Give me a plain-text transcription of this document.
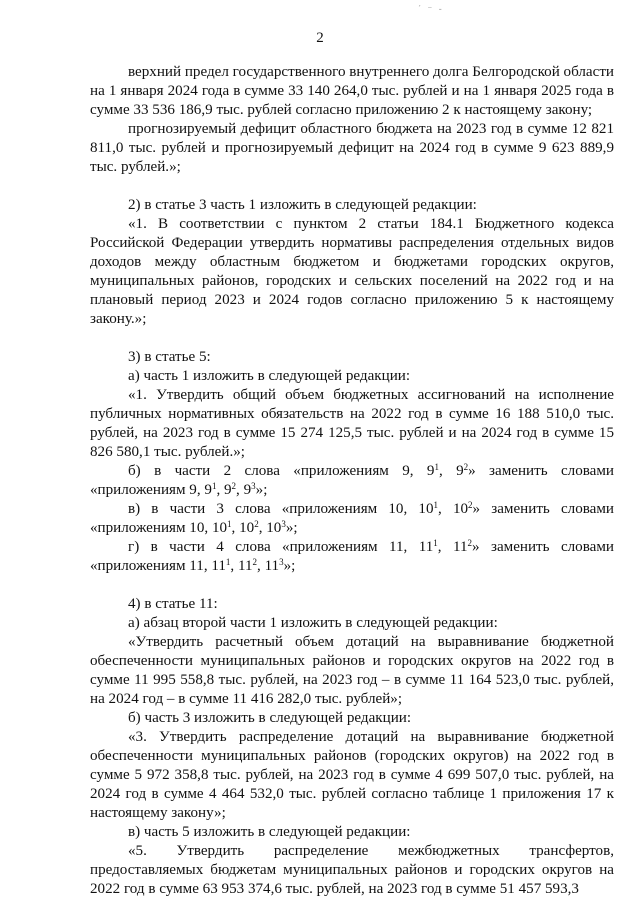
ˊ ⁻ -
2

верхний предел государственного внутреннего долга Белгородской области на 1 января 2024 года в сумме 33 140 264,0 тыс. рублей и на 1 января 2025 года в сумме 33 536 186,9 тыс. рублей согласно приложению 2 к настоящему закону;

прогнозируемый дефицит областного бюджета на 2023 год в сумме 12 821 811,0 тыс. рублей и прогнозируемый дефицит на 2024 год в сумме 9 623 889,9 тыс. рублей.»;

2) в статье 3 часть 1 изложить в следующей редакции:

«1. В соответствии с пунктом 2 статьи 184.1 Бюджетного кодекса Российской Федерации утвердить нормативы распределения отдельных видов доходов между областным бюджетом и бюджетами городских округов, муниципальных районов, городских и сельских поселений на 2022 год и на плановый период 2023 и 2024 годов согласно приложению 5 к настоящему закону.»;

3) в статье 5:

а) часть 1 изложить в следующей редакции:

«1. Утвердить общий объем бюджетных ассигнований на исполнение публичных нормативных обязательств на 2022 год в сумме 16 188 510,0 тыс. рублей, на 2023 год в сумме 15 274 125,5 тыс. рублей и на 2024 год в сумме 15 826 580,1 тыс. рублей.»;

б) в части 2 слова «приложениям 9, $9^1$, $9^2$» заменить словами «приложениям 9, $9^1$, $9^2$, $9^3$»;

в) в части 3 слова «приложениям 10, $10^1$, $10^2$» заменить словами «приложениям 10, $10^1$, $10^2$, $10^3$»;

г) в части 4 слова «приложениям 11, $11^1$, $11^2$» заменить словами «приложениям 11, $11^1$, $11^2$, $11^3$»;

4) в статье 11:

а) абзац второй части 1 изложить в следующей редакции:

«Утвердить расчетный объем дотаций на выравнивание бюджетной обеспеченности муниципальных районов и городских округов на 2022 год в сумме 11 995 558,8 тыс. рублей, на 2023 год – в сумме 11 164 523,0 тыс. рублей, на 2024 год – в сумме 11 416 282,0 тыс. рублей»;

б) часть 3 изложить в следующей редакции:

«3. Утвердить распределение дотаций на выравнивание бюджетной обеспеченности муниципальных районов (городских округов) на 2022 год в сумме 5 972 358,8 тыс. рублей, на 2023 год в сумме 4 699 507,0 тыс. рублей, на 2024 год в сумме 4 464 532,0 тыс. рублей согласно таблице 1 приложения 17 к настоящему закону»;

в) часть 5 изложить в следующей редакции:

«5. Утвердить распределение межбюджетных трансфертов, предоставляемых бюджетам муниципальных районов и городских округов на 2022 год в сумме 63 953 374,6 тыс. рублей, на 2023 год в сумме 51 457 593,3
